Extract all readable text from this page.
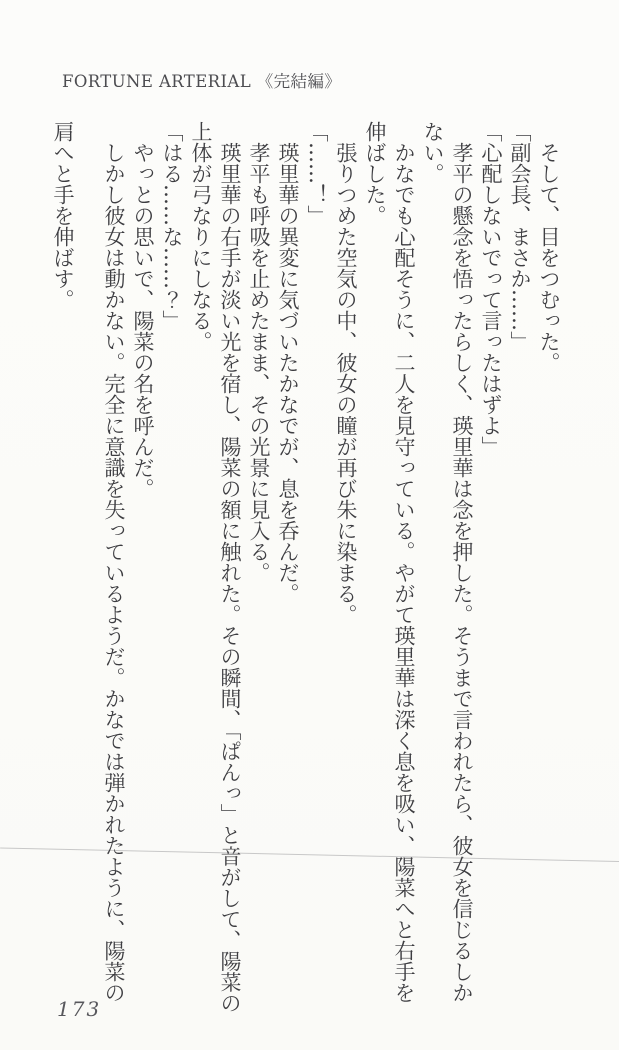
FORTUNE ARTERIAL 《完結編》
そして、目をつむった。
「副会長、まさか……」
「心配しないでって言ったはずよ」
孝平の懸念を悟ったらしく、瑛里華は念を押した。そうまで言われたら、彼女を信じるしか
ない。
かなでも心配そうに、二人を見守っている。やがて瑛里華は深く息を吸い、陽菜へと右手を
伸ばした。
張りつめた空気の中、彼女の瞳が再び朱に染まる。
「……！」
瑛里華の異変に気づいたかなでが、息を呑んだ。
孝平も呼吸を止めたまま、その光景に見入る。
瑛里華の右手が淡い光を宿し、陽菜の額に触れた。その瞬間、「ぱんっ」と音がして、陽菜の
上体が弓なりにしなる。
「はる……な……？」
やっとの思いで、陽菜の名を呼んだ。
しかし彼女は動かない。完全に意識を失っているようだ。かなでは弾かれたように、陽菜の
肩へと手を伸ばす。
173
